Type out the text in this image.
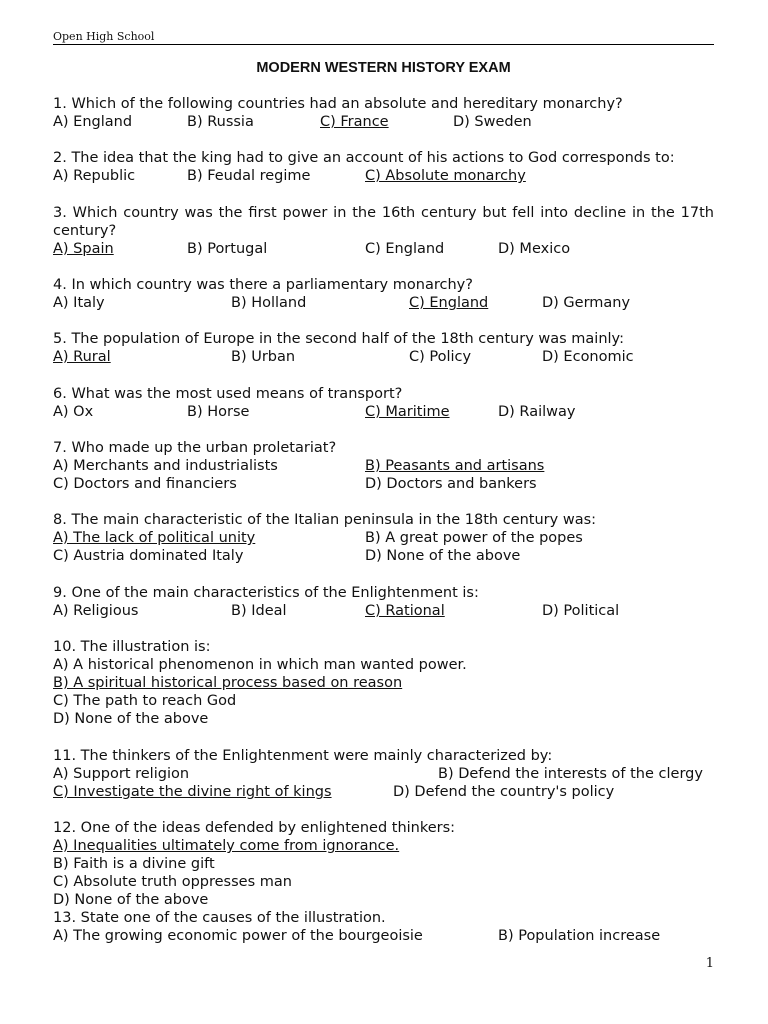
Open High School
MODERN WESTERN HISTORY EXAM
1. Which of the following countries had an absolute and hereditary monarchy?
A) England	B) Russia	C) France	D) Sweden
2. The idea that the king had to give an account of his actions to God corresponds to:
A) Republic	B) Feudal regime	C) Absolute monarchy
3. Which country was the first power in the 16th century but fell into decline in the 17th century?
A) Spain	B) Portugal	C) England	D) Mexico
4. In which country was there a parliamentary monarchy?
A) Italy	B) Holland	C) England	D) Germany
5. The population of Europe in the second half of the 18th century was mainly:
A) Rural	B) Urban	C) Policy	D) Economic
6. What was the most used means of transport?
A) Ox	B) Horse	C) Maritime	D) Railway
7. Who made up the urban proletariat?
A) Merchants and industrialists	B) Peasants and artisans
C) Doctors and financiers	D) Doctors and bankers
8. The main characteristic of the Italian peninsula in the 18th century was:
A) The lack of political unity	B) A great power of the popes
C) Austria dominated Italy	D) None of the above
9. One of the main characteristics of the Enlightenment is:
A) Religious	B) Ideal	C) Rational	D) Political
10. The illustration is:
A) A historical phenomenon in which man wanted power.
B) A spiritual historical process based on reason
C) The path to reach God
D) None of the above
11. The thinkers of the Enlightenment were mainly characterized by:
A) Support religion	B) Defend the interests of the clergy
C) Investigate the divine right of kings	D) Defend the country's policy
12. One of the ideas defended by enlightened thinkers:
A) Inequalities ultimately come from ignorance.
B) Faith is a divine gift
C) Absolute truth oppresses man
D) None of the above
13. State one of the causes of the illustration.
A) The growing economic power of the bourgeoisie	B) Population increase
1
